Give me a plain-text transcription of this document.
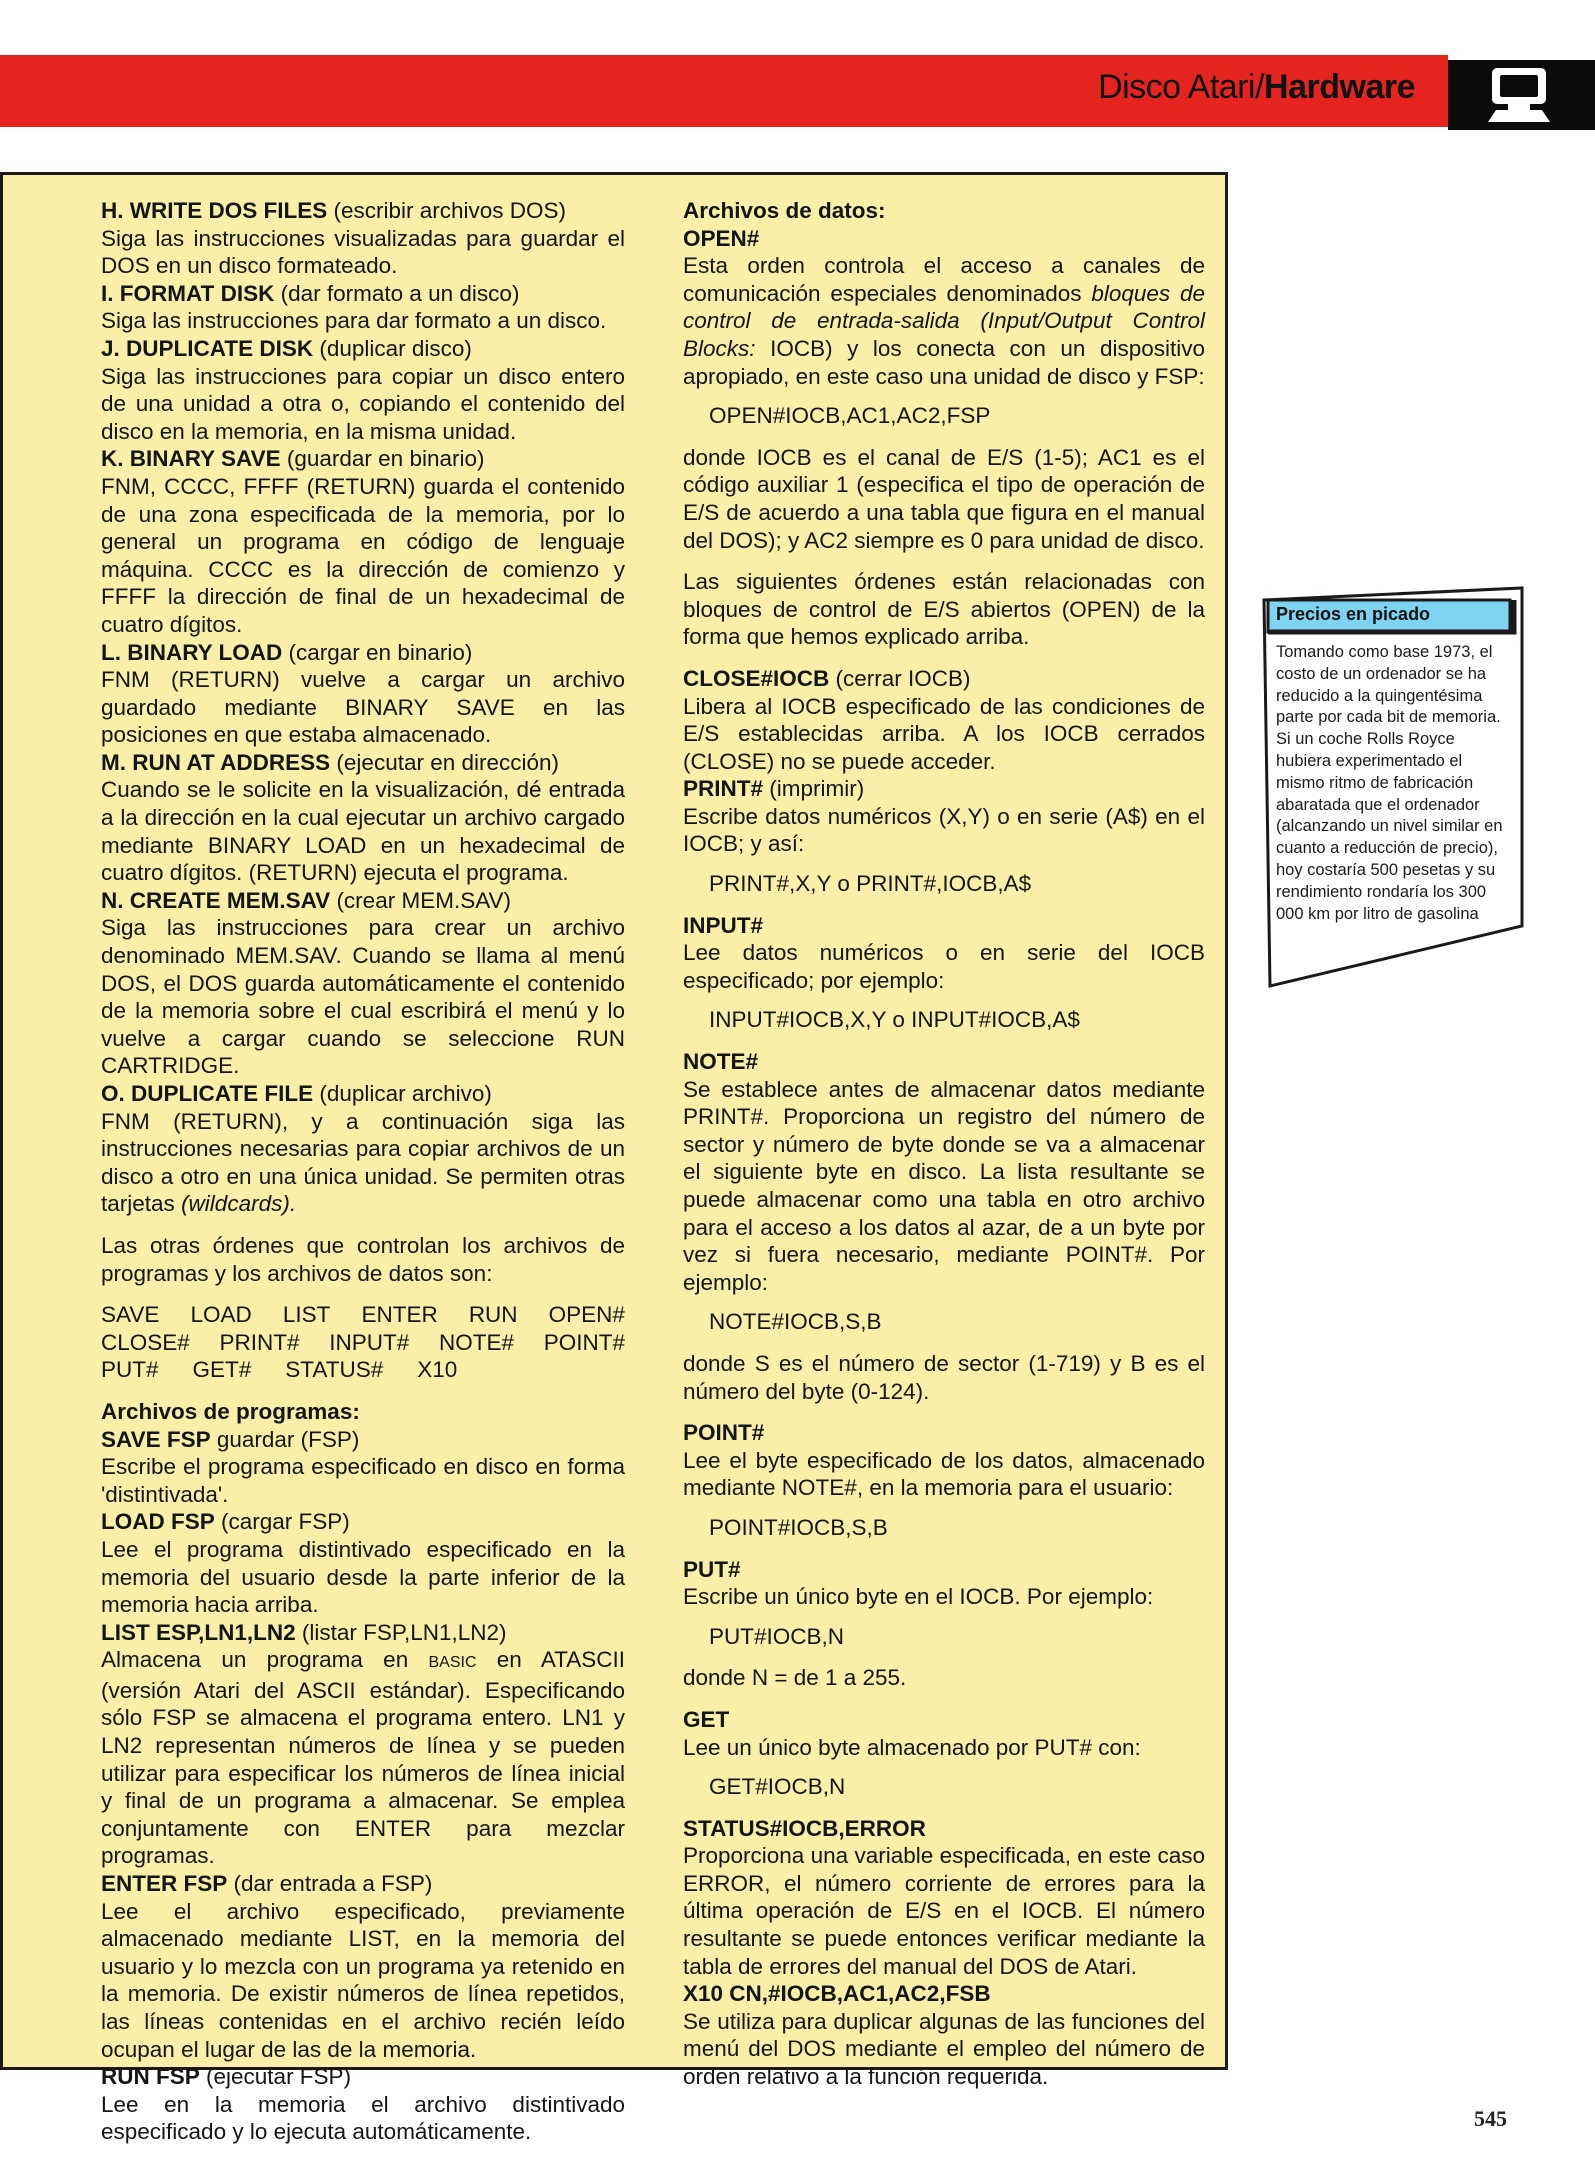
Disco Atari/Hardware

H. WRITE DOS FILES (escribir archivos DOS)
Siga las instrucciones visualizadas para guardar el DOS en un disco formateado.

I. FORMAT DISK (dar formato a un disco)
Siga las instrucciones para dar formato a un disco.

J. DUPLICATE DISK (duplicar disco)
Siga las instrucciones para copiar un disco entero de una unidad a otra o, copiando el contenido del disco en la memoria, en la misma unidad.

K. BINARY SAVE (guardar en binario)
FNM, CCCC, FFFF (RETURN) guarda el contenido de una zona especificada de la memoria, por lo general un programa en código de lenguaje máquina. CCCC es la dirección de comienzo y FFFF la dirección de final de un hexadecimal de cuatro dígitos.

L. BINARY LOAD (cargar en binario)
FNM (RETURN) vuelve a cargar un archivo guardado mediante BINARY SAVE en las posiciones en que estaba almacenado.

M. RUN AT ADDRESS (ejecutar en dirección)
Cuando se le solicite en la visualización, dé entrada a la dirección en la cual ejecutar un archivo cargado mediante BINARY LOAD en un hexadecimal de cuatro dígitos. (RETURN) ejecuta el programa.

N. CREATE MEM.SAV (crear MEM.SAV)
Siga las instrucciones para crear un archivo denominado MEM.SAV. Cuando se llama al menú DOS, el DOS guarda automáticamente el contenido de la memoria sobre el cual escribirá el menú y lo vuelve a cargar cuando se seleccione RUN CARTRIDGE.

O. DUPLICATE FILE (duplicar archivo)
FNM (RETURN), y a continuación siga las instrucciones necesarias para copiar archivos de un disco a otro en una única unidad. Se permiten otras tarjetas (wildcards).

Las otras órdenes que controlan los archivos de programas y los archivos de datos son:

SAVE LOAD LIST ENTER RUN OPEN#
CLOSE# PRINT# INPUT# NOTE# POINT#
PUT# GET# STATUS# X10

Archivos de programas:

SAVE FSP guardar (FSP)
Escribe el programa especificado en disco en forma 'distintivada'.

LOAD FSP (cargar FSP)
Lee el programa distintivado especificado en la memoria del usuario desde la parte inferior de la memoria hacia arriba.

LIST ESP,LN1,LN2 (listar FSP,LN1,LN2)
Almacena un programa en BASIC en ATASCII (versión Atari del ASCII estándar). Especificando sólo FSP se almacena el programa entero. LN1 y LN2 representan números de línea y se pueden utilizar para especificar los números de línea inicial y final de un programa a almacenar. Se emplea conjuntamente con ENTER para mezclar programas.

ENTER FSP (dar entrada a FSP)
Lee el archivo especificado, previamente almacenado mediante LIST, en la memoria del usuario y lo mezcla con un programa ya retenido en la memoria. De existir números de línea repetidos, las líneas contenidas en el archivo recién leído ocupan el lugar de las de la memoria.

RUN FSP (ejecutar FSP)
Lee en la memoria el archivo distintivado especificado y lo ejecuta automáticamente.

Archivos de datos:

OPEN#
Esta orden controla el acceso a canales de comunicación especiales denominados bloques de control de entrada-salida (Input/Output Control Blocks: IOCB) y los conecta con un dispositivo apropiado, en este caso una unidad de disco y FSP:

OPEN#IOCB,AC1,AC2,FSP

donde IOCB es el canal de E/S (1-5); AC1 es el código auxiliar 1 (especifica el tipo de operación de E/S de acuerdo a una tabla que figura en el manual del DOS); y AC2 siempre es 0 para unidad de disco.

Las siguientes órdenes están relacionadas con bloques de control de E/S abiertos (OPEN) de la forma que hemos explicado arriba.

CLOSE#IOCB (cerrar IOCB)
Libera al IOCB especificado de las condiciones de E/S establecidas arriba. A los IOCB cerrados (CLOSE) no se puede acceder.

PRINT# (imprimir)
Escribe datos numéricos (X,Y) o en serie (A$) en el IOCB; y así:

PRINT#,X,Y o PRINT#,IOCB,A$

INPUT#
Lee datos numéricos o en serie del IOCB especificado; por ejemplo:

INPUT#IOCB,X,Y o INPUT#IOCB,A$

NOTE#
Se establece antes de almacenar datos mediante PRINT#. Proporciona un registro del número de sector y número de byte donde se va a almacenar el siguiente byte en disco. La lista resultante se puede almacenar como una tabla en otro archivo para el acceso a los datos al azar, de a un byte por vez si fuera necesario, mediante POINT#. Por ejemplo:

NOTE#IOCB,S,B

donde S es el número de sector (1-719) y B es el número del byte (0-124).

POINT#
Lee el byte especificado de los datos, almacenado mediante NOTE#, en la memoria para el usuario:

POINT#IOCB,S,B

PUT#
Escribe un único byte en el IOCB. Por ejemplo:

PUT#IOCB,N

donde N = de 1 a 255.

GET
Lee un único byte almacenado por PUT# con:

GET#IOCB,N

STATUS#IOCB,ERROR
Proporciona una variable especificada, en este caso ERROR, el número corriente de errores para la última operación de E/S en el IOCB. El número resultante se puede entonces verificar mediante la tabla de errores del manual del DOS de Atari.

X10 CN,#IOCB,AC1,AC2,FSB
Se utiliza para duplicar algunas de las funciones del menú del DOS mediante el empleo del número de orden relativo a la función requerida.

Precios en picado
Tomando como base 1973, el costo de un ordenador se ha reducido a la quingentésima parte por cada bit de memoria. Si un coche Rolls Royce hubiera experimentado el mismo ritmo de fabricación abaratada que el ordenador (alcanzando un nivel similar en cuanto a reducción de precio), hoy costaría 500 pesetas y su rendimiento rondaría los 300 000 km por litro de gasolina
545
